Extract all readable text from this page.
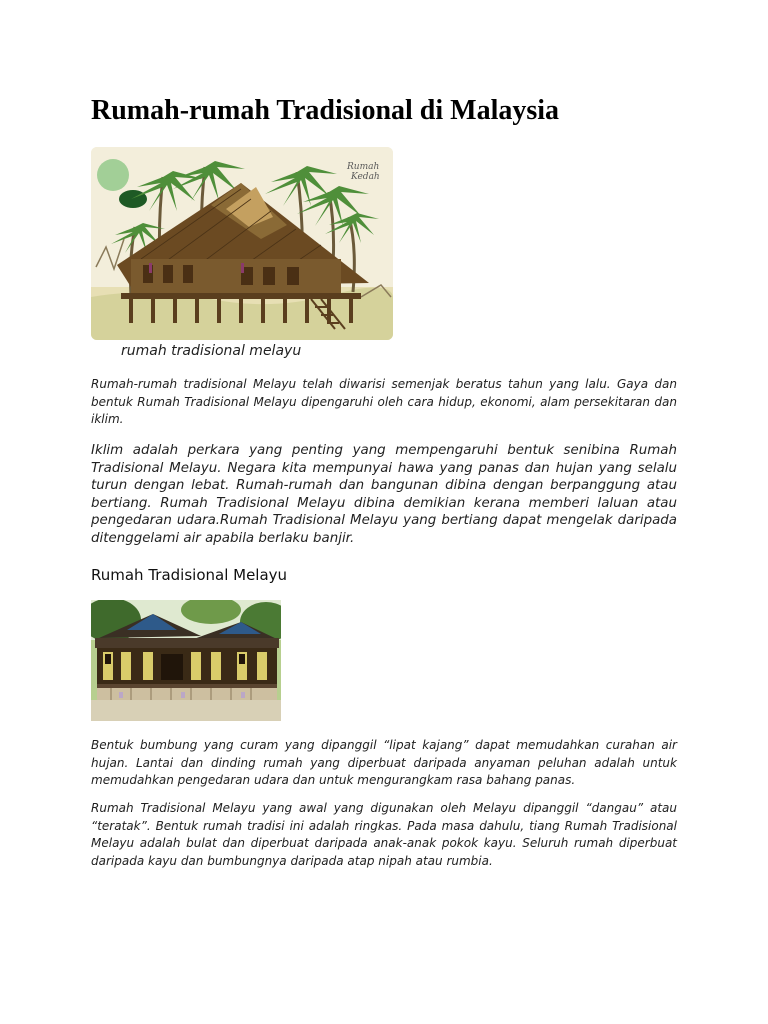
Rumah-rumah Tradisional di Malaysia
Rumah
Kedah
rumah tradisional melayu

Rumah-rumah tradisional Melayu telah diwarisi semenjak beratus tahun yang lalu. Gaya dan bentuk Rumah Tradisional Melayu dipengaruhi oleh cara hidup, ekonomi, alam persekitaran dan iklim.

Iklim adalah perkara yang penting yang mempengaruhi bentuk senibina Rumah Tradisional Melayu. Negara kita mempunyai hawa yang panas dan hujan yang selalu turun dengan lebat. Rumah-rumah dan bangunan dibina dengan berpanggung atau bertiang. Rumah Tradisional Melayu dibina demikian kerana memberi laluan atau pengedaran udara.Rumah Tradisional Melayu yang bertiang dapat mengelak daripada ditenggelami air apabila berlaku banjir.

Rumah Tradisional Melayu

Bentuk bumbung yang curam yang dipanggil “lipat kajang” dapat memudahkan curahan air hujan. Lantai dan dinding rumah yang diperbuat daripada anyaman peluhan adalah untuk memudahkan pengedaran udara dan untuk mengurangkam rasa bahang panas.

Rumah Tradisional Melayu yang awal yang digunakan oleh Melayu dipanggil “dangau” atau “teratak”. Bentuk rumah tradisi ini adalah ringkas. Pada masa dahulu, tiang Rumah Tradisional Melayu adalah bulat dan diperbuat daripada anak-anak pokok kayu. Seluruh rumah diperbuat daripada kayu dan bumbungnya daripada atap nipah atau rumbia.
